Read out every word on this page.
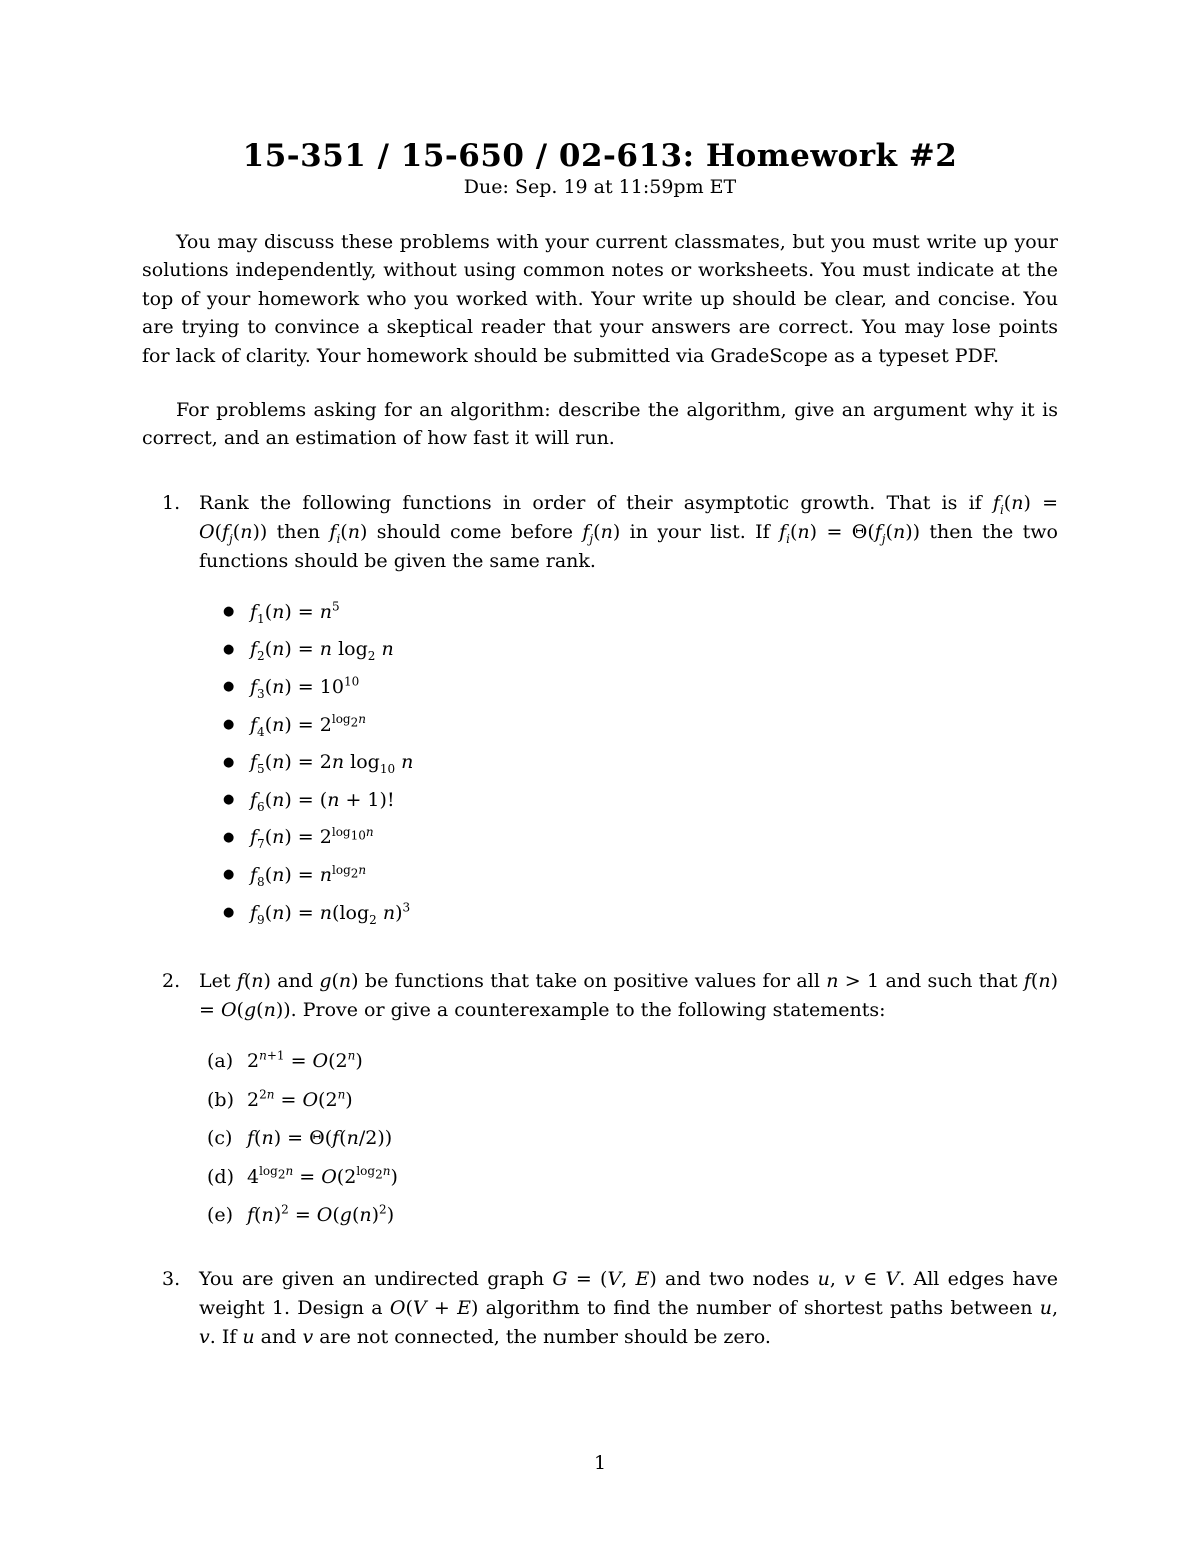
15-351 / 15-650 / 02-613: Homework #2
Due: Sep. 19 at 11:59pm ET

You may discuss these problems with your current classmates, but you must write up your solutions independently, without using common notes or worksheets. You must indicate at the top of your homework who you worked with. Your write up should be clear, and concise. You are trying to convince a skeptical reader that your answers are correct. You may lose points for lack of clarity. Your homework should be submitted via GradeScope as a typeset PDF.

For problems asking for an algorithm: describe the algorithm, give an argument why it is correct, and an estimation of how fast it will run.

1. Rank the following functions in order of their asymptotic growth. That is if $f_i(n) = O(f_j(n))$ then $f_i(n)$ should come before $f_j(n)$ in your list. If $f_i(n) = \Theta(f_j(n))$ then the two functions should be given the same rank.
● $f_1(n) = n^5$
● $f_2(n) = n$ $\log_2 n$
● $f_3(n) = 10^{10}$
● $f_4(n) = 2^{log_2n}$
● $f_5(n) = 2n$ $\log_{10} n$
● $f_6(n) = (n + 1)$!
● $f_7(n) = 2^{log_{10}n}$
● $f_8(n) = n^{log_2n}$
● $f_9(n) = n(\log_2$ n)$^3$
2. Let f(n) and g(n) be functions that take on positive values for all n > 1 and such that f(n) = O(g(n)). Prove or give a counterexample to the following statements:
(a) $2^{n+1} = O(2^n)$
(b) $2^{2n} = O(2^n)$
(c) f(n) = Θ(f(n/2))
(d) $4^{log_2n} = O(2^{log_2n})$
(e) $f(n)^2 = O(g(n)^2)$
3. You are given an undirected graph G = (V, E) and two nodes u, v ∈ V. All edges have weight 1. Design a O(V + E) algorithm to find the number of shortest paths between u, v. If u and v are not connected, the number should be zero.
1
